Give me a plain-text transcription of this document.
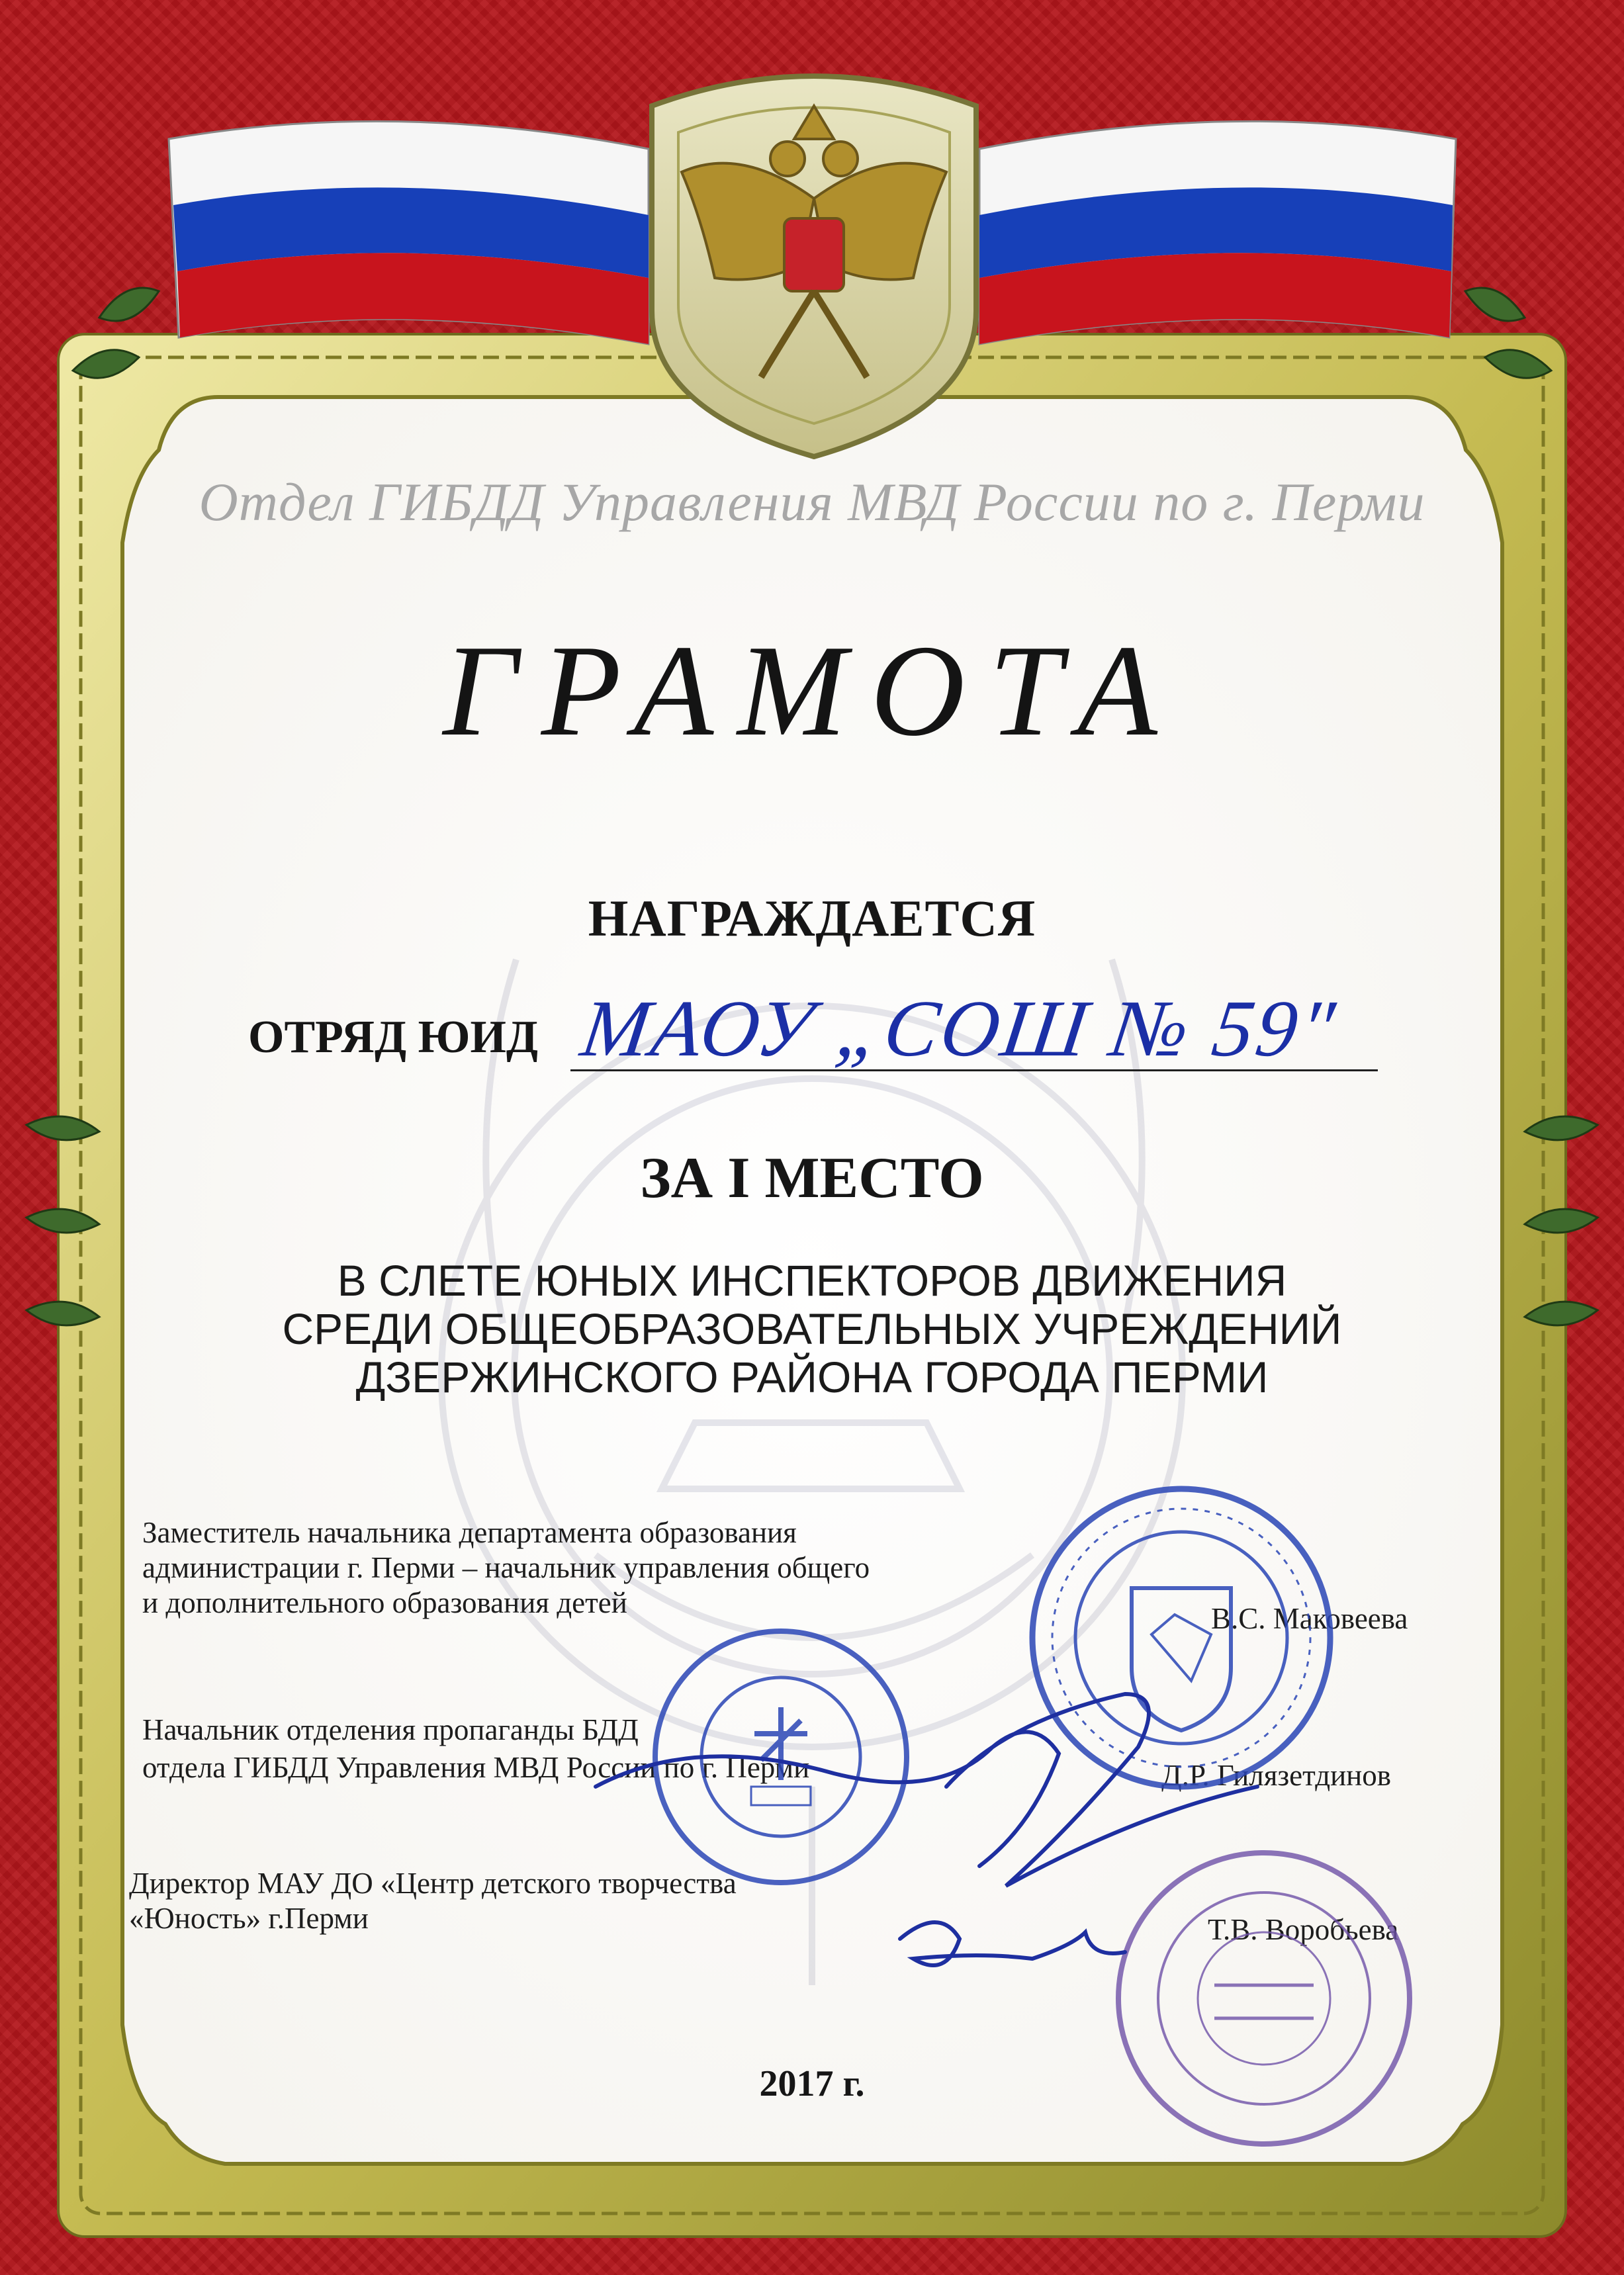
Отдел ГИБДД Управления МВД России по г. Перми

ГРАМОТА

НАГРАЖДАЕТСЯ

ОТРЯД ЮИД МАОУ „СОШ № 59"

ЗА I МЕСТО

В СЛЕТЕ ЮНЫХ ИНСПЕКТОРОВ ДВИЖЕНИЯ

СРЕДИ ОБЩЕОБРАЗОВАТЕЛЬНЫХ УЧРЕЖДЕНИЙ

ДЗЕРЖИНСКОГО РАЙОНА ГОРОДА ПЕРМИ

Заместитель начальника департамента образования

администрации г. Перми – начальник управления общего

и дополнительного образования детей	В.С. Маковеева

Начальник отделения пропаганды БДД

отдела ГИБДД Управления МВД России по г. Перми	Д.Р. Гилязетдинов

Директор МАУ ДО «Центр детского творчества

«Юность» г.Перми	Т.В. Воробьева

2017 г.
